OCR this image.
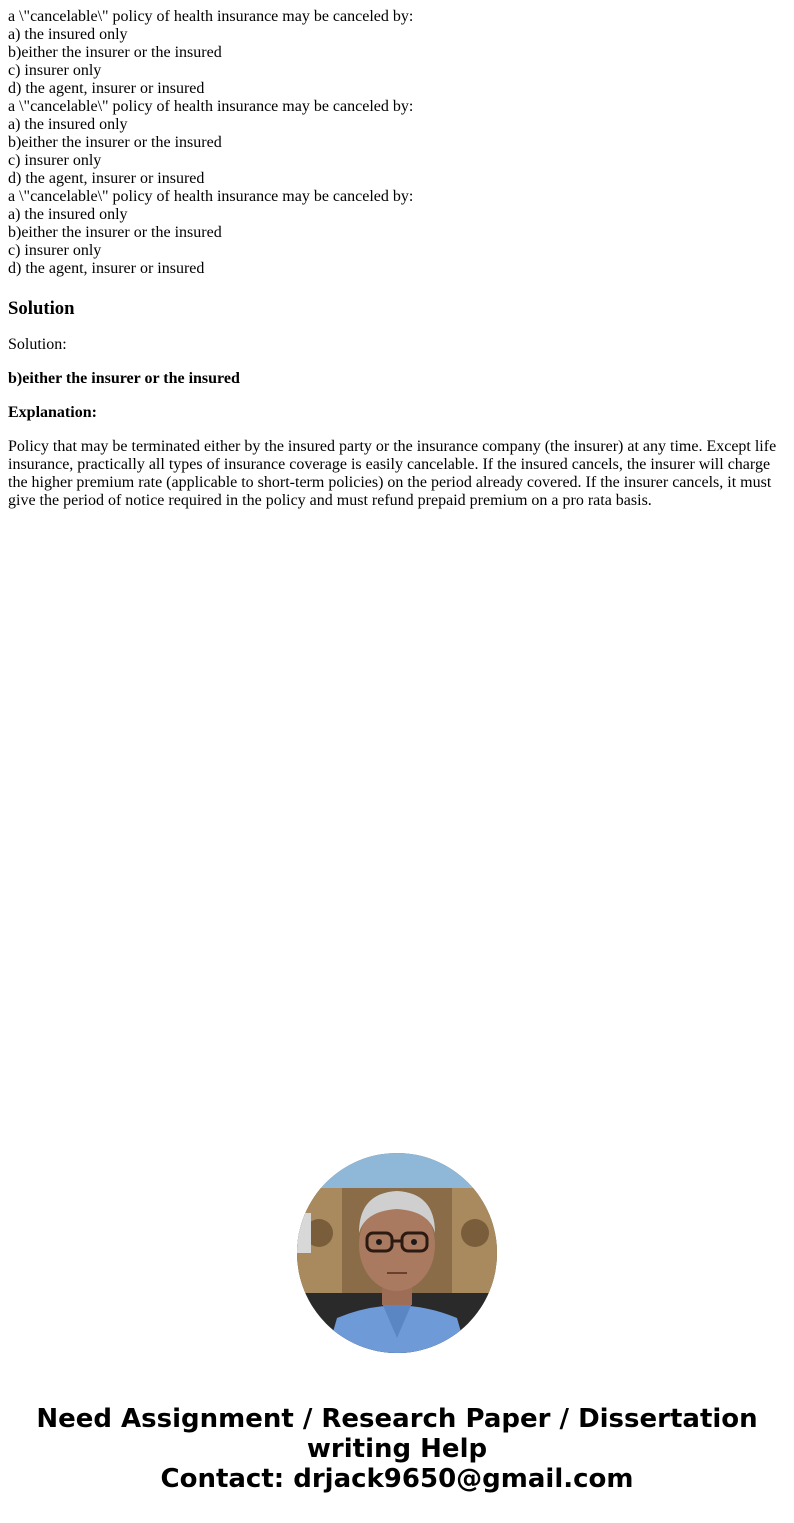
a \"cancelable\" policy of health insurance may be canceled by:
a) the insured only
b)either the insurer or the insured
c) insurer only
d) the agent, insurer or insured
a \"cancelable\" policy of health insurance may be canceled by:
a) the insured only
b)either the insurer or the insured
c) insurer only
d) the agent, insurer or insured
a \"cancelable\" policy of health insurance may be canceled by:
a) the insured only
b)either the insurer or the insured
c) insurer only
d) the agent, insurer or insured
Solution

Solution:

b)either the insurer or the insured

Explanation:

Policy that may be terminated either by the insured party or the insurance company (the insurer) at any time. Except life insurance, practically all types of insurance coverage is easily cancelable. If the insured cancels, the insurer will charge the higher premium rate (applicable to short-term policies) on the period already covered. If the insurer cancels, it must give the period of notice required in the policy and must refund prepaid premium on a pro rata basis.

Need Assignment / Research Paper / Dissertation
writing Help
Contact: drjack9650@gmail.com
